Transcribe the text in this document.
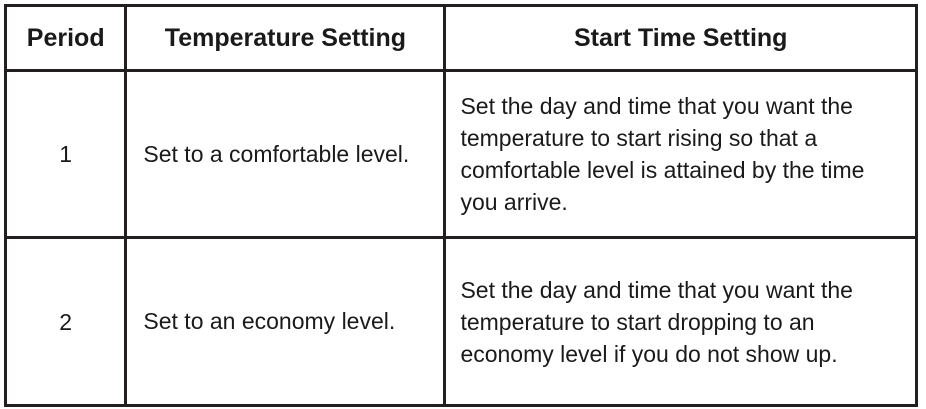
Period	Temperature Setting	Start Time Setting
1	Set to a comfortable level.	Set the day and time that you want the temperature to start rising so that a comfortable level is attained by the time you arrive.
2	Set to an economy level.	Set the day and time that you want the temperature to start dropping to an economy level if you do not show up.
